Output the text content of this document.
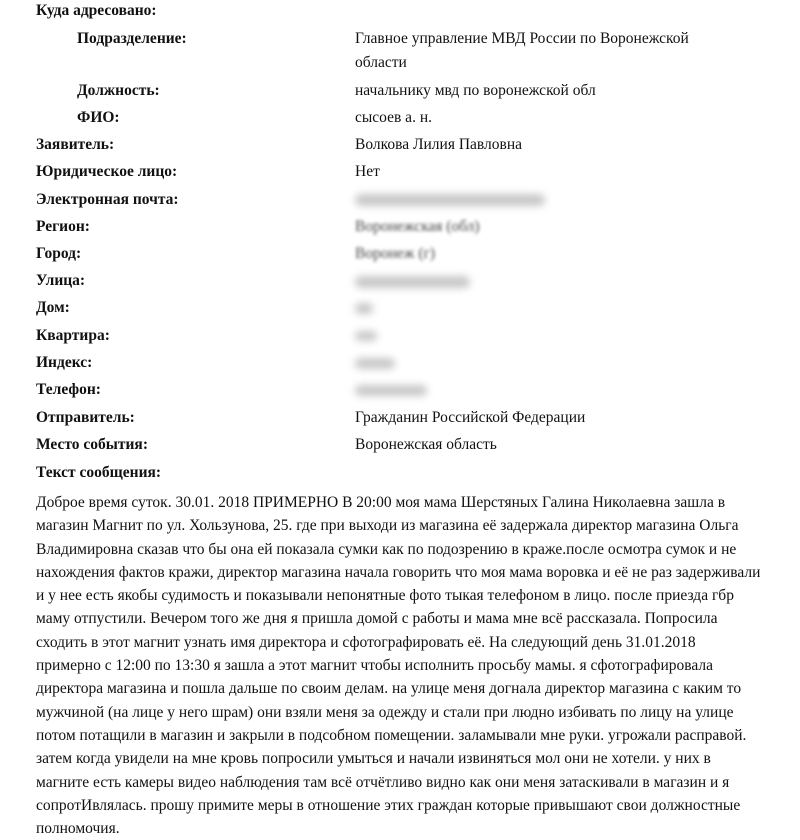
Куда адресовано:
Подразделение:	Главное управление МВД России по Воронежской области
Должность:	начальнику мвд по воронежской обл
ФИО:	сысоев а. н.
Заявитель:	Волкова Лилия Павловна
Юридическое лицо:	Нет
Электронная почта:
Регион:	Воронежская (обл)
Город:	Воронеж (г)
Улица:
Дом:
Квартира:
Индекс:
Телефон:
Отправитель:	Гражданин Российской Федерации
Место события:	Воронежская область
Текст сообщения:
Доброе время суток. 30.01. 2018 ПРИМЕРНО В 20:00 моя мама Шерстяных Галина Николаевна зашла в магазин Магнит по ул. Хользунова, 25. где при выходи из магазина её задержала директор магазина Ольга Владимировна сказав что бы она ей показала сумки как по подозрению в краже.после осмотра сумок и не нахождения фактов кражи, директор магазина начала говорить что моя мама воровка и её не раз задерживали и у нее есть якобы судимость и показывали непонятные фото тыкая телефоном в лицо. после приезда гбр маму отпустили. Вечером того же дня я пришла домой с работы и мама мне всё рассказала. Попросила сходить в этот магнит узнать имя директора и сфотографировать её. На следующий день 31.01.2018 примерно с 12:00 по 13:30 я зашла а этот магнит чтобы исполнить просьбу мамы. я сфотографировала директора магазина и пошла дальше по своим делам. на улице меня догнала директор магазина с каким то мужчиной (на лице у него шрам) они взяли меня за одежду и стали при людно избивать по лицу на улице потом потащили в магазин и закрыли в подсобном помещении. заламывали мне руки. угрожали расправой. затем когда увидели на мне кровь попросили умыться и начали извиняться мол они не хотели. у них в магните есть камеры видео наблюдения там всё отчётливо видно как они меня затаскивали в магазин и я сопротИвлялась. прошу примите меры в отношение этих граждан которые привышают свои должностные полномочия.
